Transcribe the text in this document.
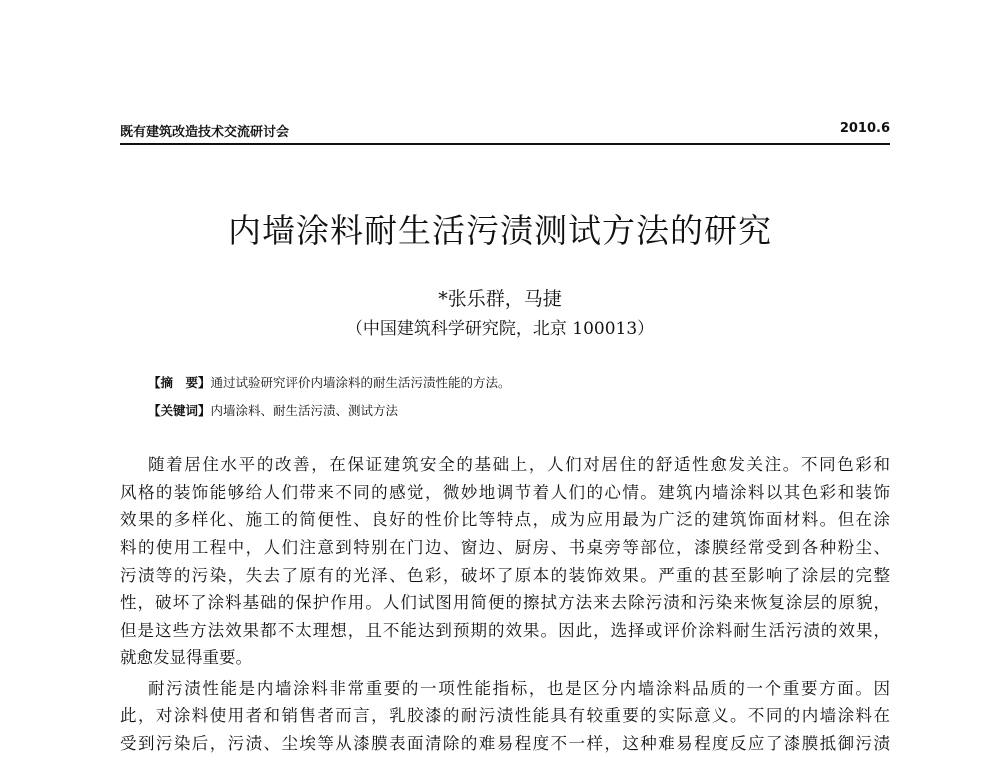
既有建筑改造技术交流研讨会	2010.6
内墙涂料耐生活污渍测试方法的研究
*张乐群，马捷
（中国建筑科学研究院，北京 100013）
【摘　要】通过试验研究评价内墙涂料的耐生活污渍性能的方法。
【关键词】内墙涂料、耐生活污渍、测试方法
随着居住水平的改善，在保证建筑安全的基础上，人们对居住的舒适性愈发关注。不同色彩和
风格的装饰能够给人们带来不同的感觉，微妙地调节着人们的心情。建筑内墙涂料以其色彩和装饰
效果的多样化、施工的简便性、良好的性价比等特点，成为应用最为广泛的建筑饰面材料。但在涂
料的使用工程中，人们注意到特别在门边、窗边、厨房、书桌旁等部位，漆膜经常受到各种粉尘、
污渍等的污染，失去了原有的光泽、色彩，破坏了原本的装饰效果。严重的甚至影响了涂层的完整
性，破坏了涂料基础的保护作用。人们试图用简便的擦拭方法来去除污渍和污染来恢复涂层的原貌，
但是这些方法效果都不太理想，且不能达到预期的效果。因此，选择或评价涂料耐生活污渍的效果，
就愈发显得重要。
耐污渍性能是内墙涂料非常重要的一项性能指标，也是区分内墙涂料品质的一个重要方面。因
此，对涂料使用者和销售者而言，乳胶漆的耐污渍性能具有较重要的实际意义。不同的内墙涂料在
受到污染后，污渍、尘埃等从漆膜表面清除的难易程度不一样，这种难易程度反应了漆膜抵御污渍
